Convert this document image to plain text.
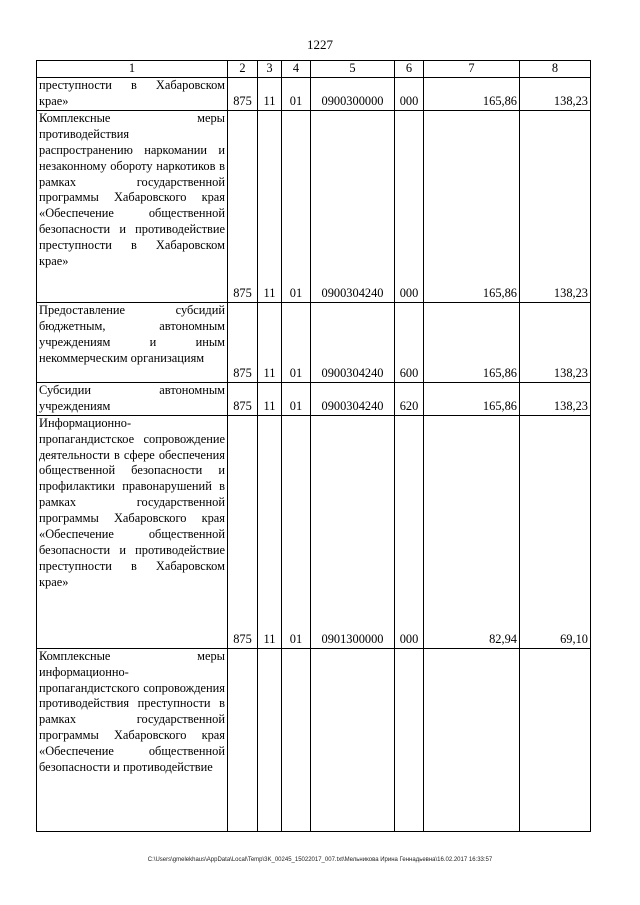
1227
1	2	3	4	5	6	7	8
преступности в Хабаровском крае»	875	11	01	0900300000	000	165,86	138,23
Комплексные меры противодействия распространению наркомании и незаконному обороту наркотиков в рамках государственной программы Хабаровского края «Обеспечение общественной безопасности и противодействие преступности в Хабаровском крае»	875	11	01	0900304240	000	165,86	138,23
Предоставление субсидий бюджетным, автономным учреждениям и иным некоммерческим организациям	875	11	01	0900304240	600	165,86	138,23
Субсидии автономным учреждениям	875	11	01	0900304240	620	165,86	138,23
Информационно-пропагандистское сопровождение деятельности в сфере обеспечения общественной безопасности и профилактики правонарушений в рамках государственной программы Хабаровского края «Обеспечение общественной безопасности и противодействие преступности в Хабаровском крае»	875	11	01	0901300000	000	82,94	69,10
Комплексные меры информационно-пропагандистского сопровождения противодействия преступности в рамках государственной программы Хабаровского края «Обеспечение общественной безопасности и противодействие							
C:\Users\gmelekhaus\AppData\Local\Temp\3K_00245_15022017_007.txt\Мельникова Ирина Геннадьевна\16.02.2017 16:33:57
